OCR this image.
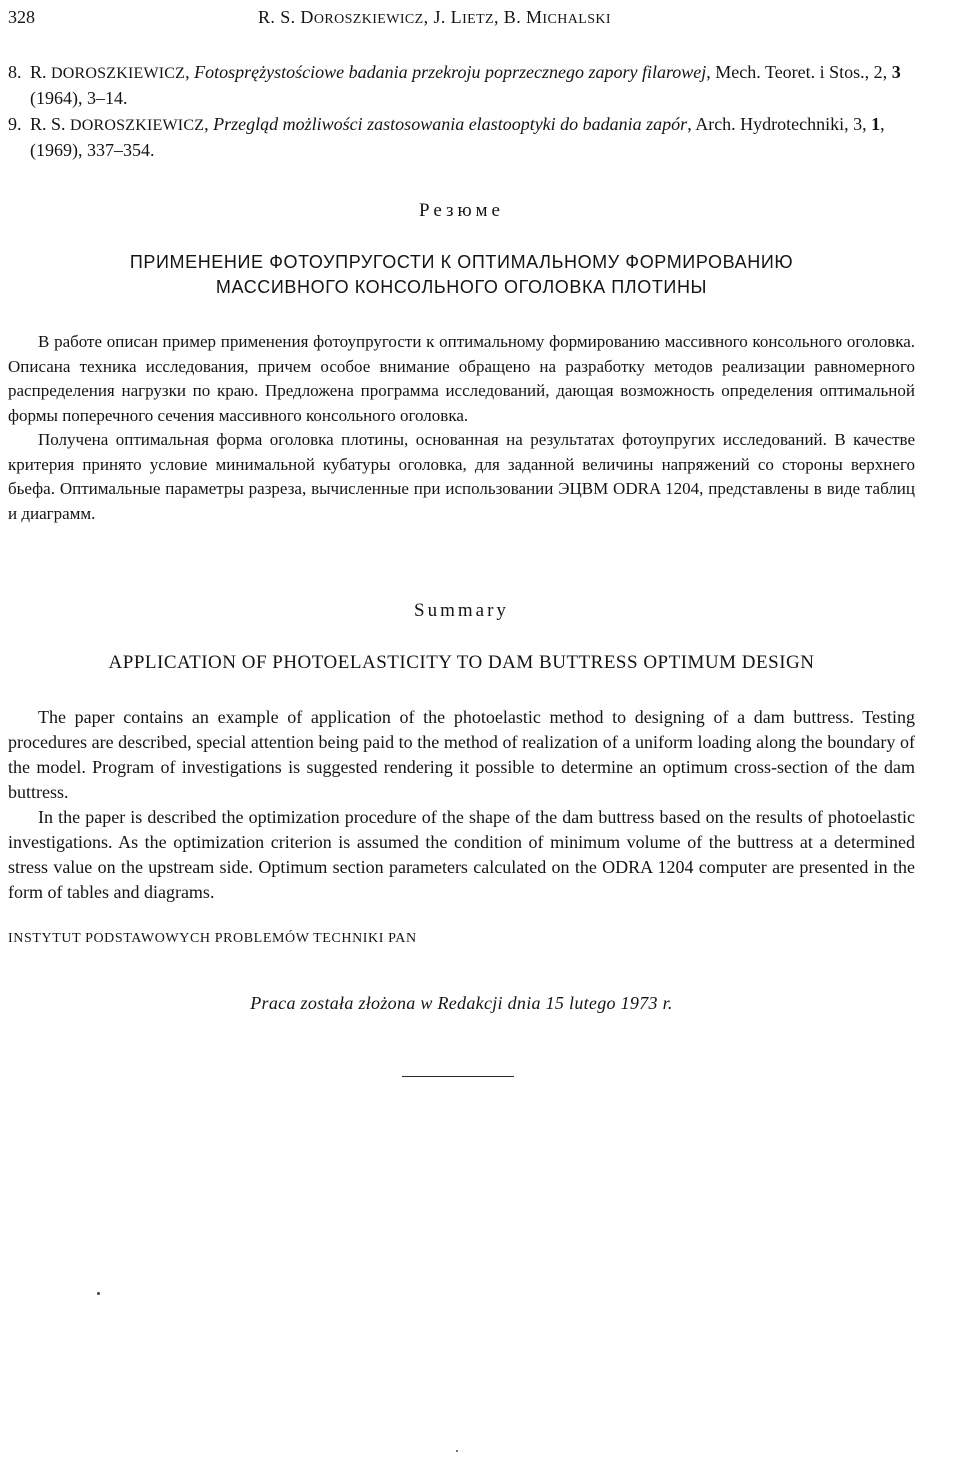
328	R. S. DOROSZKIEWICZ, J. LIETZ, B. MICHALSKI
8. R. DOROSZKIEWICZ, Fotosprężystościowe badania przekroju poprzecznego zapory filarowej, Mech. Teoret. i Stos., 2, 3 (1964), 3–14.
9. R. S. DOROSZKIEWICZ, Przegląd możliwości zastosowania elastooptyki do badania zapór, Arch. Hydrotechniki, 3, 1, (1969), 337–354.
Резюме
ПРИМЕНЕНИЕ ФОТОУПРУГОСТИ К ОПТИМАЛЬНОМУ ФОРМИРОВАНИЮ
МАССИВНОГО КОНСОЛЬНОГО ОГОЛОВКА ПЛОТИНЫ

В работе описан пример применения фотоупругости к оптимальному формированию массивного консольного оголовка. Описана техника исследования, причем особое внимание обращено на разработку методов реализации равномерного распределения нагрузки по краю. Предложена программа исследований, дающая возможность определения оптимальной формы поперечного сечения массивного консольного оголовка.

Получена оптимальная форма оголовка плотины, основанная на результатах фотоупругих исследований. В качестве критерия принято условие минимальной кубатуры оголовка, для заданной величины напряжений со стороны верхнего бьефа. Оптимальные параметры разреза, вычисленные при использовании ЭЦВМ ODRA 1204, представлены в виде таблиц и диаграмм.

Summary
APPLICATION OF PHOTOELASTICITY TO DAM BUTTRESS OPTIMUM DESIGN

The paper contains an example of application of the photoelastic method to designing of a dam buttress. Testing procedures are described, special attention being paid to the method of realization of a uniform loading along the boundary of the model. Program of investigations is suggested rendering it possible to determine an optimum cross-section of the dam buttress.

In the paper is described the optimization procedure of the shape of the dam buttress based on the results of photoelastic investigations. As the optimization criterion is assumed the condition of minimum volume of the buttress at a determined stress value on the upstream side. Optimum section parameters calculated on the ODRA 1204 computer are presented in the form of tables and diagrams.

INSTYTUT PODSTAWOWYCH PROBLEMÓW TECHNIKI PAN
Praca została złożona w Redakcji dnia 15 lutego 1973 r.
